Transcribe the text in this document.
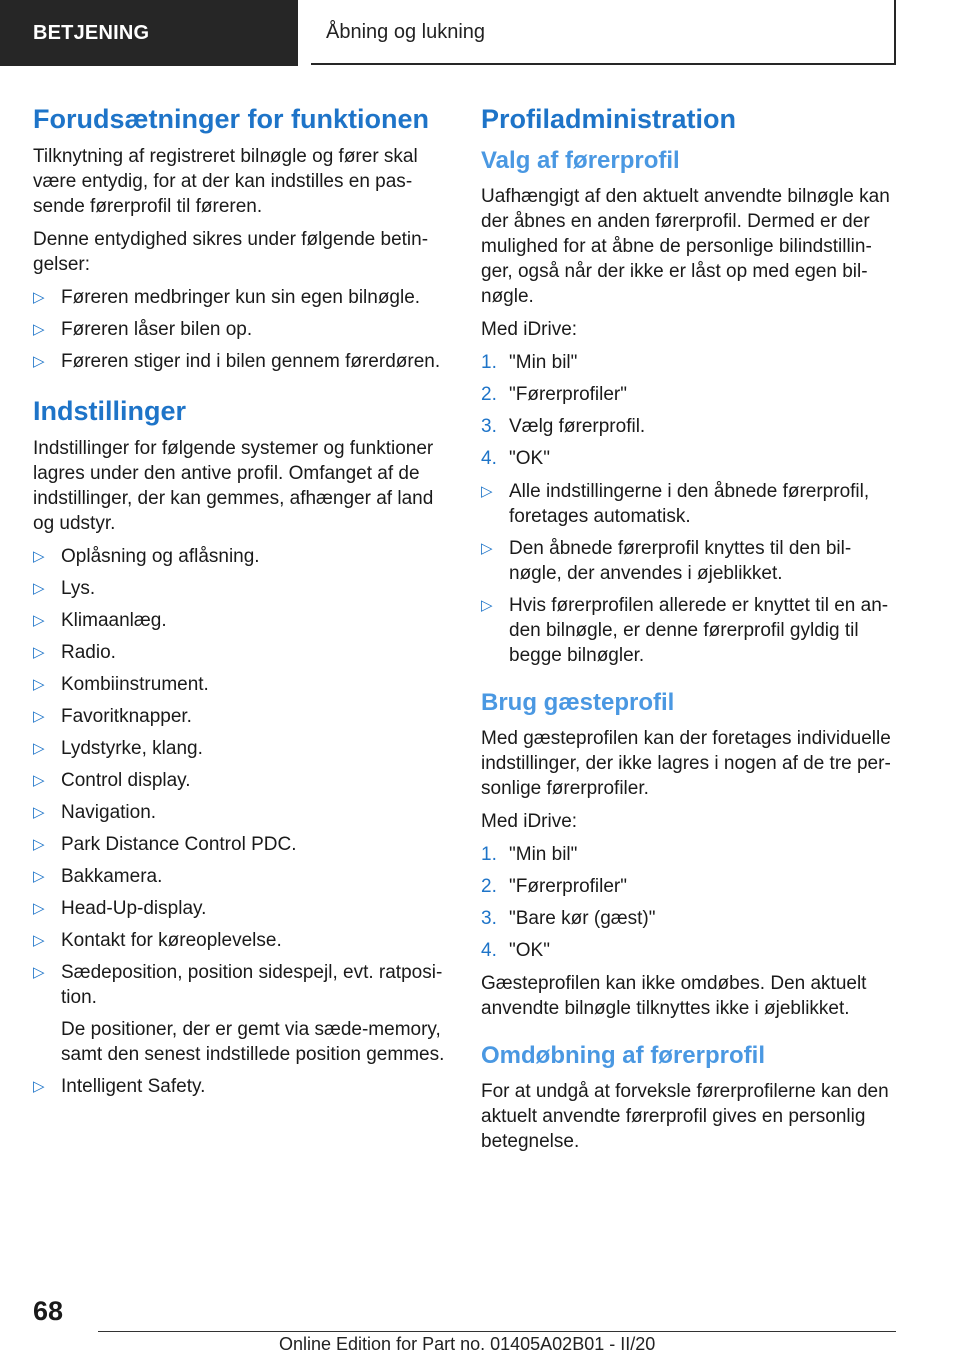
BETJENING	Åbning og lukning
Forudsætninger for funktionen

Tilknytning af registreret bilnøgle og fører skal være entydig, for at der kan indstilles en passende førerprofil til føreren.

Denne entydighed sikres under følgende betingelser:

▷ Føreren medbringer kun sin egen bilnøgle.
▷ Føreren låser bilen op.
▷ Føreren stiger ind i bilen gennem førerdøren.
Indstillinger

Indstillinger for følgende systemer og funktioner lagres under den antive profil. Omfanget af de indstillinger, der kan gemmes, afhænger af land og udstyr.

▷ Oplåsning og aflåsning.
▷ Lys.
▷ Klimaanlæg.
▷ Radio.
▷ Kombiinstrument.
▷ Favoritknapper.
▷ Lydstyrke, klang.
▷ Control display.
▷ Navigation.
▷ Park Distance Control PDC.
▷ Bakkamera.
▷ Head-Up-display.
▷ Kontakt for køreoplevelse.
▷ Sædeposition, position sidespejl, evt. ratposition.
De positioner, der er gemt via sæde-memory, samt den senest indstillede position gemmes.
▷ Intelligent Safety.
Profiladministration
Valg af førerprofil

Uafhængigt af den aktuelt anvendte bilnøgle kan der åbnes en anden førerprofil. Dermed er der mulighed for at åbne de personlige bilindstillinger, også når der ikke er låst op med egen bilnøgle.

Med iDrive:

1. "Min bil"
2. "Førerprofiler"
3. Vælg førerprofil.
4. "OK"
▷ Alle indstillingerne i den åbnede førerprofil, foretages automatisk.
▷ Den åbnede førerprofil knyttes til den bilnøgle, der anvendes i øjeblikket.
▷ Hvis førerprofilen allerede er knyttet til en anden bilnøgle, er denne førerprofil gyldig til begge bilnøgler.
Brug gæsteprofil

Med gæsteprofilen kan der foretages individuelle indstillinger, der ikke lagres i nogen af de tre personlige førerprofiler.

Med iDrive:

1. "Min bil"
2. "Førerprofiler"
3. "Bare kør (gæst)"
4. "OK"

Gæsteprofilen kan ikke omdøbes. Den aktuelt anvendte bilnøgle tilknyttes ikke i øjeblikket.

Omdøbning af førerprofil

For at undgå at forveksle førerprofilerne kan den aktuelt anvendte førerprofil gives en personlig betegnelse.

68
Online Edition for Part no. 01405A02B01 - II/20
